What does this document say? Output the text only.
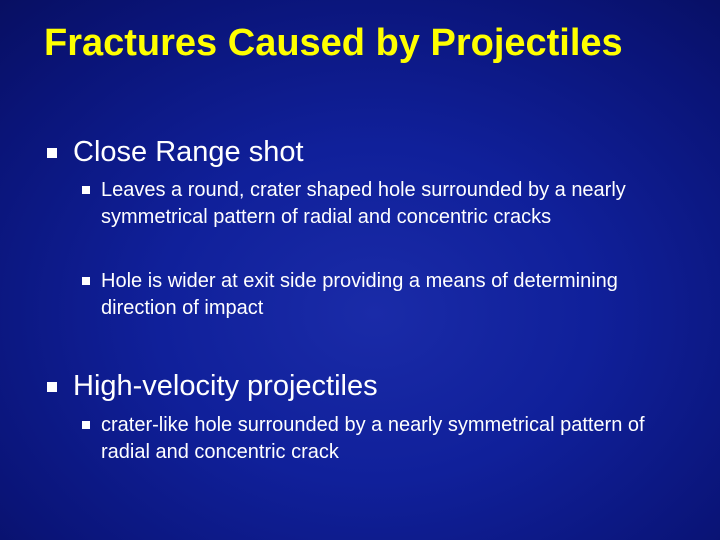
Fractures Caused by Projectiles
Close Range shot
Leaves a round, crater shaped hole surrounded by a nearly symmetrical pattern of radial and concentric cracks
Hole is wider at exit side providing a means of determining direction of impact
High-velocity projectiles
crater-like hole surrounded by a nearly symmetrical pattern of radial and concentric crack
